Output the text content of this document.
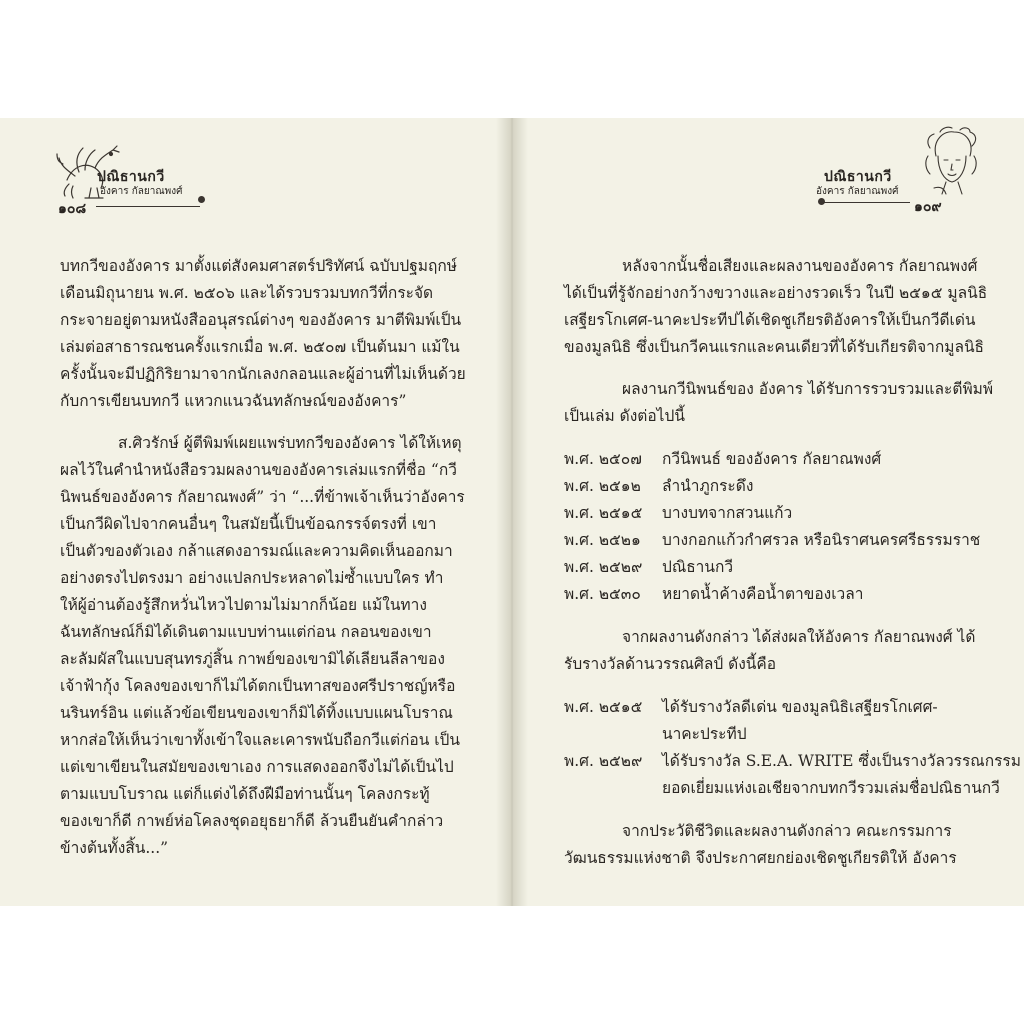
ปณิธานกวี
อังคาร กัลยาณพงศ์
๑๐๘
บทกวีของอังคาร มาตั้งแต่สังคมศาสตร์ปริทัศน์ ฉบับปฐมฤกษ์
เดือนมิถุนายน พ.ศ. ๒๕๐๖ และได้รวบรวมบทกวีที่กระจัด
กระจายอยู่ตามหนังสืออนุสรณ์ต่างๆ ของอังคาร มาตีพิมพ์เป็น
เล่มต่อสาธารณชนครั้งแรกเมื่อ พ.ศ. ๒๕๐๗ เป็นต้นมา แม้ใน
ครั้งนั้นจะมีปฏิกิริยามาจากนักเลงกลอนและผู้อ่านที่ไม่เห็นด้วย
กับการเขียนบทกวี แหวกแนวฉันทลักษณ์ของอังคาร”
ส.ศิวรักษ์ ผู้ตีพิมพ์เผยแพร่บทกวีของอังคาร ได้ให้เหตุ
ผลไว้ในคำนำหนังสือรวมผลงานของอังคารเล่มแรกที่ชื่อ “กวี
นิพนธ์ของอังคาร กัลยาณพงศ์” ว่า “...ที่ข้าพเจ้าเห็นว่าอังคาร
เป็นกวีผิดไปจากคนอื่นๆ ในสมัยนี้เป็นข้อฉกรรจ์ตรงที่ เขา
เป็นตัวของตัวเอง กล้าแสดงอารมณ์และความคิดเห็นออกมา
อย่างตรงไปตรงมา อย่างแปลกประหลาดไม่ซ้ำแบบใคร ทำ
ให้ผู้อ่านต้องรู้สึกหวั่นไหวไปตามไม่มากก็น้อย แม้ในทาง
ฉันทลักษณ์ก็มิได้เดินตามแบบท่านแต่ก่อน กลอนของเขา
ละลัมผัสในแบบสุนทรภู่สิ้น กาพย์ของเขามิได้เลียนลีลาของ
เจ้าฟ้ากุ้ง โคลงของเขาก็ไม่ได้ตกเป็นทาสของศรีปราชญ์หรือ
นรินทร์อิน แต่แล้วข้อเขียนของเขาก็มิได้ทิ้งแบบแผนโบราณ
หากส่อให้เห็นว่าเขาทั้งเข้าใจและเคารพนับถือกวีแต่ก่อน เป็น
แต่เขาเขียนในสมัยของเขาเอง การแสดงออกจึงไม่ได้เป็นไป
ตามแบบโบราณ แต่ก็แต่งได้ถึงฝีมือท่านนั้นๆ โคลงกระทู้
ของเขาก็ดี กาพย์ห่อโคลงชุดอยุธยาก็ดี ล้วนยืนยันคำกล่าว
ข้างต้นทั้งสิ้น...”
ปณิธานกวี
อังคาร กัลยาณพงศ์
๑๐๙
หลังจากนั้นชื่อเสียงและผลงานของอังคาร กัลยาณพงศ์
ได้เป็นที่รู้จักอย่างกว้างขวางและอย่างรวดเร็ว ในปี ๒๕๑๕ มูลนิธิ
เสฐียรโกเศศ-นาคะประทีปได้เชิดชูเกียรติอังคารให้เป็นกวีดีเด่น
ของมูลนิธิ ซึ่งเป็นกวีคนแรกและคนเดียวที่ได้รับเกียรติจากมูลนิธิ
ผลงานกวีนิพนธ์ของ อังคาร ได้รับการรวบรวมและตีพิมพ์
เป็นเล่ม ดังต่อไปนี้
พ.ศ. ๒๕๐๗	กวีนิพนธ์ ของอังคาร กัลยาณพงศ์
พ.ศ. ๒๕๑๒	ลำนำภูกระดึง
พ.ศ. ๒๕๑๕	บางบทจากสวนแก้ว
พ.ศ. ๒๕๒๑	บางกอกแก้วกำศรวล หรือนิราศนครศรีธรรมราช
พ.ศ. ๒๕๒๙	ปณิธานกวี
พ.ศ. ๒๕๓๐	หยาดน้ำค้างคือน้ำตาของเวลา
จากผลงานดังกล่าว ได้ส่งผลให้อังคาร กัลยาณพงศ์ ได้
รับรางวัลด้านวรรณศิลป์ ดังนี้คือ
พ.ศ. ๒๕๑๕	ได้รับรางวัลดีเด่น ของมูลนิธิเสฐียรโกเศศ-
นาคะประทีป
พ.ศ. ๒๕๒๙	ได้รับรางวัล S.E.A. WRITE ซึ่งเป็นรางวัลวรรณกรรม
ยอดเยี่ยมแห่งเอเชียจากบทกวีรวมเล่มชื่อปณิธานกวี
จากประวัติชีวิตและผลงานดังกล่าว คณะกรรมการ
วัฒนธรรมแห่งชาติ จึงประกาศยกย่องเชิดชูเกียรติให้ อังคาร
